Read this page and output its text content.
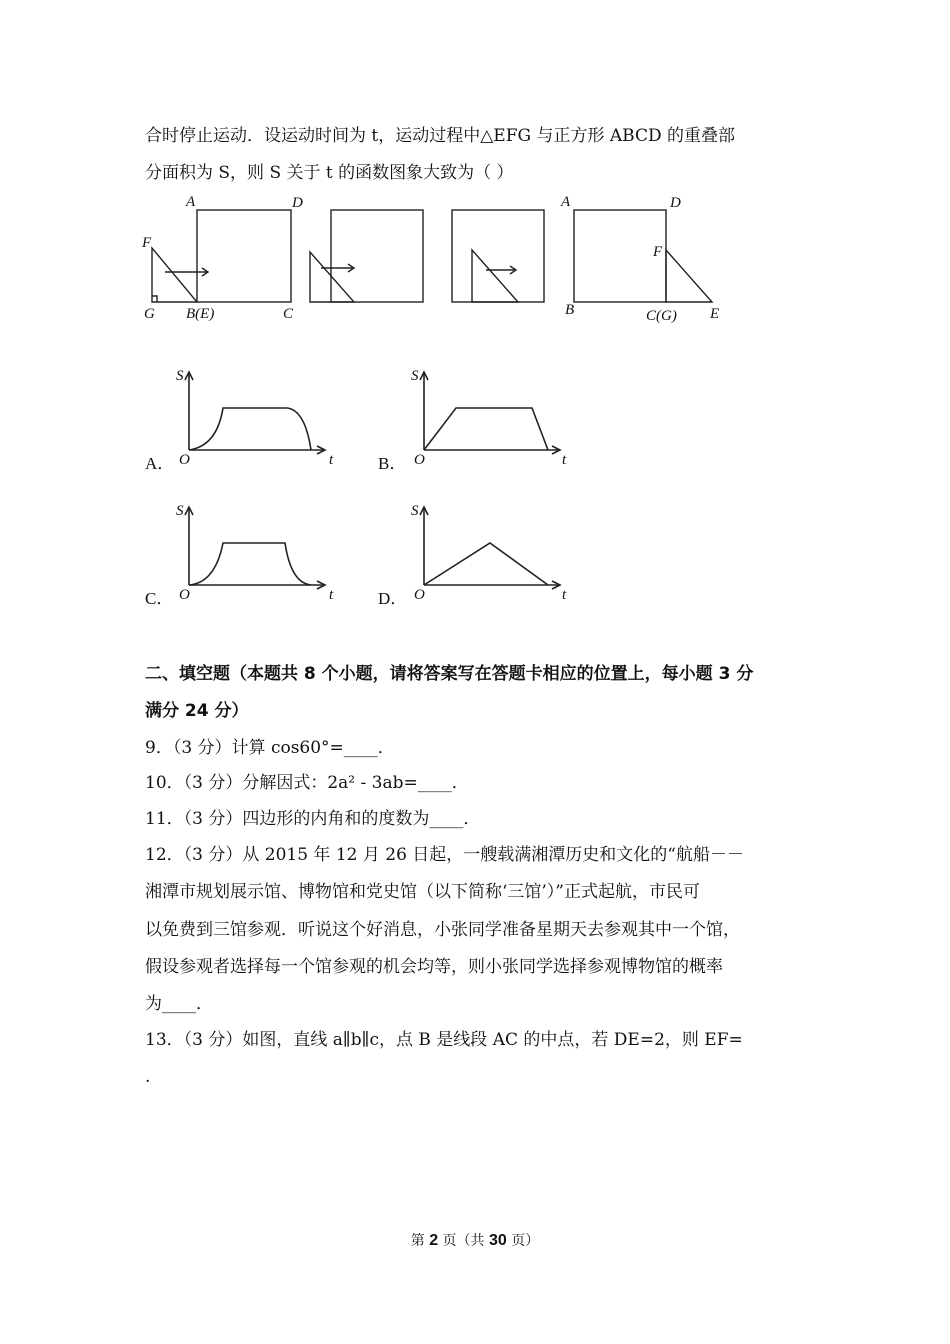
合时停止运动．设运动时间为 t，运动过程中△EFG 与正方形 ABCD 的重叠部
分面积为 S，则 S 关于 t 的函数图象大致为（ ）
A	D
F
G B(E)	C
A	D
F
B	C(G) E
A．
S
O	t	B．
S
O	t
C．
S
O	t	D．
S
O	t
二、填空题（本题共 8 个小题，请将答案写在答题卡相应的位置上，每小题 3 分
满分 24 分）
9．（3 分）计算 cos60°=____．
10．（3 分）分解因式：2a² - 3ab=____．
11．（3 分）四边形的内角和的度数为____．
12．（3 分）从 2015 年 12 月 26 日起，一艘载满湘潭历史和文化的“航船－－
湘潭市规划展示馆、博物馆和党史馆（以下简称‘三馆’）”正式起航，市民可
以免费到三馆参观．听说这个好消息，小张同学准备星期天去参观其中一个馆，
假设参观者选择每一个馆参观的机会均等，则小张同学选择参观博物馆的概率
为____．
13．（3 分）如图，直线 a∥b∥c，点 B 是线段 AC 的中点，若 DE=2，则 EF=
.
第 2 页（共 30 页）
